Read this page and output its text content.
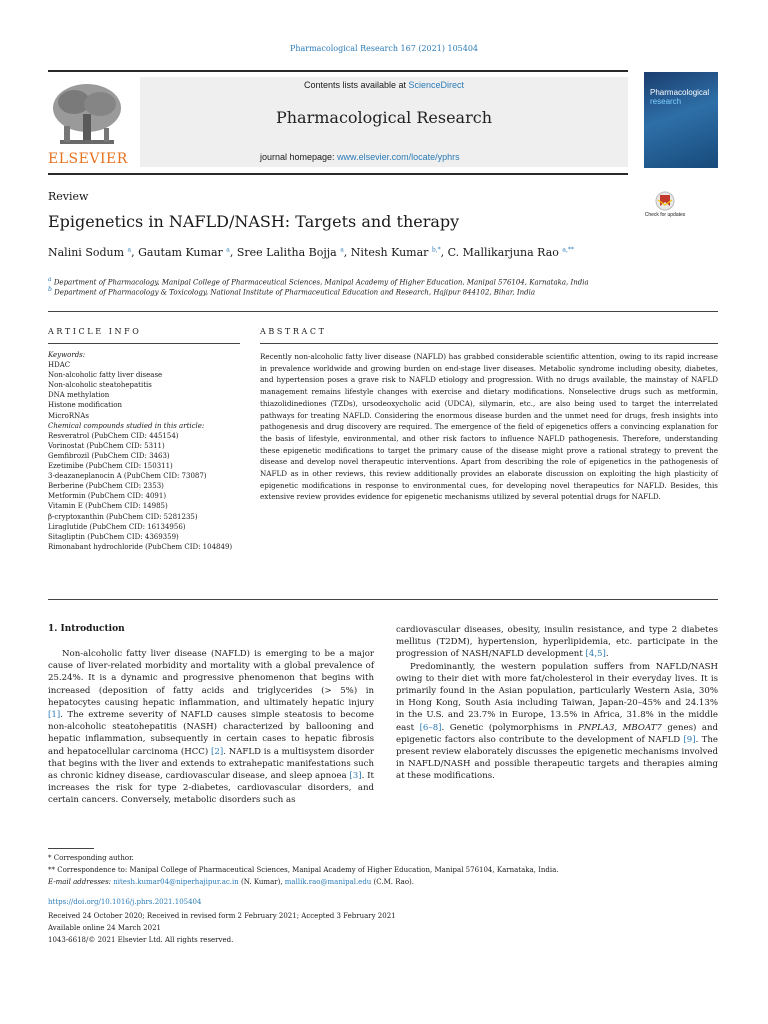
Pharmacological Research 167 (2021) 105404
ELSEVIER
Contents lists available at ScienceDirect
Pharmacological Research
journal homepage: www.elsevier.com/locate/yphrs
Pharmacological
research
Review
Epigenetics in NAFLD/NASH: Targets and therapy	Check for updates
Nalini Sodum $^a$, Gautam Kumar $^a$, Sree Lalitha Bojja $^a$, Nitesh Kumar $^{b,*}$, C. Mallikarjuna Rao $^{a,**}$
$^a$ Department of Pharmacology, Manipal College of Pharmaceutical Sciences, Manipal Academy of Higher Education, Manipal 576104, Karnataka, India
$^b$ Department of Pharmacology & Toxicology, National Institute of Pharmaceutical Education and Research, Hajipur 844102, Bihar, India
ARTICLE INFO	ABSTRACT
Keywords:
HDAC
Non-alcoholic fatty liver disease
Non-alcoholic steatohepatitis
DNA methylation
Histone modification
MicroRNAs
Chemical compounds studied in this article:
Resveratrol (PubChem CID: 445154)
Vorinostat (PubChem CID: 5311)
Gemfibrozil (PubChem CID: 3463)
Ezetimibe (PubChem CID: 150311)
3-deazaneplanocin A (PubChem CID: 73087)
Berberine (PubChem CID: 2353)
Metformin (PubChem CID: 4091)
Vitamin E (PubChem CID: 14985)
β-cryptoxanthin (PubChem CID: 5281235)
Liraglutide (PubChem CID: 16134956)
Sitagliptin (PubChem CID: 4369359)
Rimonabant hydrochloride (PubChem CID: 104849)
Recently non-alcoholic fatty liver disease (NAFLD) has grabbed considerable scientific attention, owing to its rapid increase in prevalence worldwide and growing burden on end-stage liver diseases. Metabolic syndrome including obesity, diabetes, and hypertension poses a grave risk to NAFLD etiology and progression. With no drugs available, the mainstay of NAFLD management remains lifestyle changes with exercise and dietary modifications. Nonselective drugs such as metformin, thiazolidinediones (TZDs), ursodeoxycholic acid (UDCA), silymarin, etc., are also being used to target the interrelated pathways for treating NAFLD. Considering the enormous disease burden and the unmet need for drugs, fresh insights into pathogenesis and drug discovery are required. The emergence of the field of epigenetics offers a convincing explanation for the basis of lifestyle, environmental, and other risk factors to influence NAFLD pathogenesis. Therefore, understanding these epigenetic modifications to target the primary cause of the disease might prove a rational strategy to prevent the disease and develop novel therapeutic interventions. Apart from describing the role of epigenetics in the pathogenesis of NAFLD as in other reviews, this review additionally provides an elaborate discussion on exploiting the high plasticity of epigenetic modifications in response to environmental cues, for developing novel therapeutics for NAFLD. Besides, this extensive review provides evidence for epigenetic mechanisms utilized by several potential drugs for NAFLD.
1. Introduction

Non-alcoholic fatty liver disease (NAFLD) is emerging to be a major cause of liver-related morbidity and mortality with a global prevalence of 25.24%. It is a dynamic and progressive phenomenon that begins with increased (deposition of fatty acids and triglycerides (> 5%) in hepatocytes causing hepatic inflammation, and ultimately hepatic injury [1]. The extreme severity of NAFLD causes simple steatosis to become non-alcoholic steatohepatitis (NASH) characterized by ballooning and hepatic inflammation, subsequently in certain cases to hepatic fibrosis and hepatocellular carcinoma (HCC) [2]. NAFLD is a multisystem disorder that begins with the liver and extends to extrahepatic manifestations such as chronic kidney disease, cardiovascular disease, and sleep apnoea [3]. It increases the risk for type 2-diabetes, cardiovascular disorders, and certain cancers. Conversely, metabolic disorders such as

cardiovascular diseases, obesity, insulin resistance, and type 2 diabetes mellitus (T2DM), hypertension, hyperlipidemia, etc. participate in the progression of NASH/NAFLD development [4,5].

Predominantly, the western population suffers from NAFLD/NASH owing to their diet with more fat/cholesterol in their everyday lives. It is primarily found in the Asian population, particularly Western Asia, 30% in Hong Kong, South Asia including Taiwan, Japan-20–45% and 24.13% in the U.S. and 23.7% in Europe, 13.5% in Africa, 31.8% in the middle east [6–8]. Genetic (polymorphisms in PNPLA3, MBOAT7 genes) and epigenetic factors also contribute to the development of NAFLD [9]. The present review elaborately discusses the epigenetic mechanisms involved in NAFLD/NASH and possible therapeutic targets and therapies aiming at these modifications.

* Corresponding author.
** Correspondence to: Manipal College of Pharmaceutical Sciences, Manipal Academy of Higher Education, Manipal 576104, Karnataka, India.
E-mail addresses: nitesh.kumar04@niperhajipur.ac.in (N. Kumar), mallik.rao@manipal.edu (C.M. Rao).
https://doi.org/10.1016/j.phrs.2021.105404
Received 24 October 2020; Received in revised form 2 February 2021; Accepted 3 February 2021
Available online 24 March 2021
1043-6618/© 2021 Elsevier Ltd. All rights reserved.
